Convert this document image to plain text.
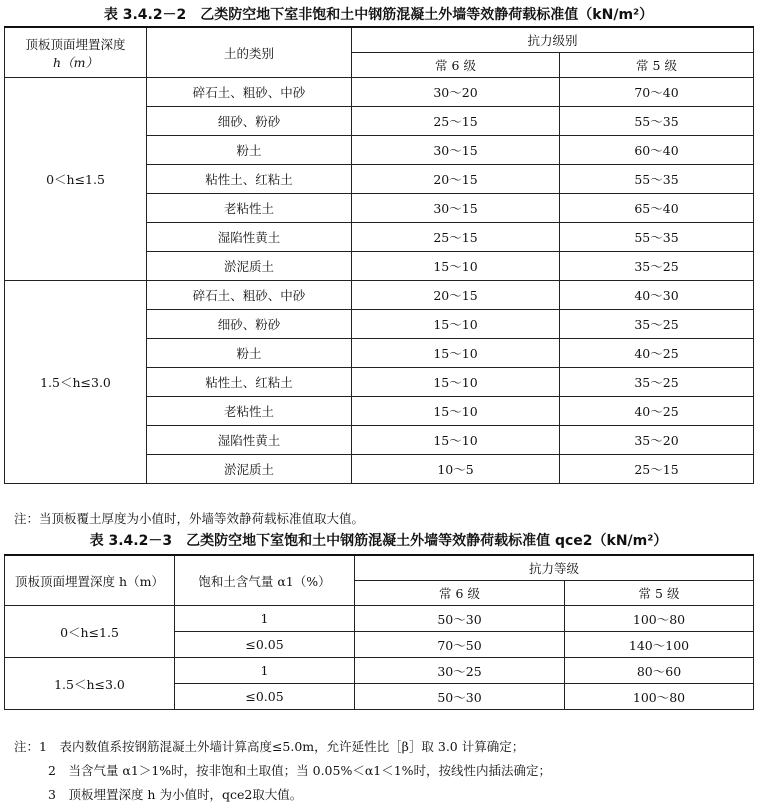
表 3.4.2－2　乙类防空地下室非饱和土中钢筋混凝土外墙等效静荷载标准值（kN/m²）
顶板顶面埋置深度
h（m）	土的类别	抗力级别	
		常 6 级	常 5 级
0＜h≤1.5	碎石土、粗砂、中砂	30～20	70～40
	细砂、粉砂	25～15	55～35
	粉土	30～15	60～40
	粘性土、红粘土	20～15	55～35
	老粘性土	30～15	65～40
	湿陷性黄土	25～15	55～35
	淤泥质土	15～10	35～25
1.5＜h≤3.0	碎石土、粗砂、中砂	20～15	40～30
	细砂、粉砂	15～10	35～25
	粉土	15～10	40～25
	粘性土、红粘土	15～10	35～25
	老粘性土	15～10	40～25
	湿陷性黄土	15～10	35～20
	淤泥质土	10～5	25～15
注：当顶板覆土厚度为小值时，外墙等效静荷载标准值取大值。
表 3.4.2－3　乙类防空地下室饱和土中钢筋混凝土外墙等效静荷载标准值 qce2（kN/m²）
顶板顶面埋置深度 h（m）	饱和土含气量 α1（%）	抗力等级	
		常 6 级	常 5 级
0＜h≤1.5	1	50～30	100～80
	≤0.05	70～50	140～100
1.5＜h≤3.0	1	30～25	80～60
	≤0.05	50～30	100～80
注：1　表内数值系按钢筋混凝土外墙计算高度≤5.0m，允许延性比［β］取 3.0 计算确定；
2　当含气量 α1＞1%时，按非饱和土取值；当 0.05%＜α1＜1%时，按线性内插法确定；
3　顶板埋置深度 h 为小值时，qce2取大值。
